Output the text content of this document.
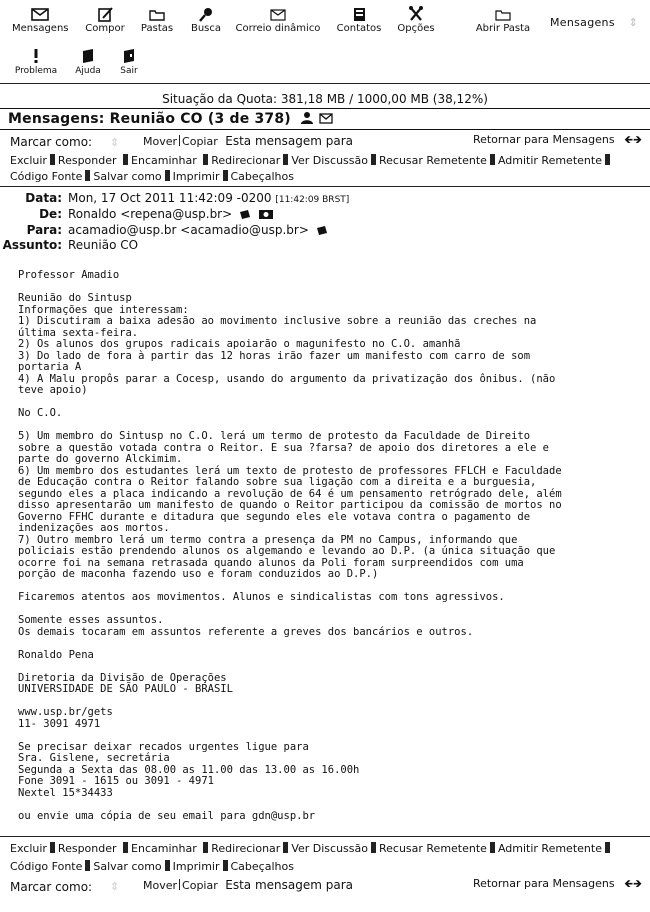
Mensagens	Compor	Pastas	Busca	Correio dinâmico	Contatos	Opções	Abrir Pasta	Mensagens ⇕
Problema	Ajuda	Sair
Situação da Quota: 381,18 MB / 1000,00 MB (38,12%)
Mensagens: Reunião CO (3 de 378)

Marcar como: ⇕ Mover Copiar Esta mensagem para	Retornar para Mensagens 🡸🡺
Excluir Responder Encaminhar Redirecionar Ver Discussão Recusar Remetente Admitir Remetente
Código Fonte Salvar como Imprimir Cabeçalhos
Data: Mon, 17 Oct 2011 11:42:09 -0200 [11:42:09 BRST]
De: Ronaldo <repena@usp.br>

Para: acamadio@usp.br <acamadio@usp.br>
Assunto: Reunião CO
Professor Amadio

Reunião do Sintusp
Informações que interessam:
1) Discutiram a baixa adesão ao movimento inclusive sobre a reunião das creches na
última sexta-feira.
2) Os alunos dos grupos radicais apoiarão o magunifesto no C.O. amanhã
3) Do lado de fora à partir das 12 horas irão fazer um manifesto com carro de som
portaria A
4) A Malu propôs parar a Cocesp, usando do argumento da privatização dos ônibus. (não
teve apoio)

No C.O.

5) Um membro do Sintusp no C.O. lerá um termo de protesto da Faculdade de Direito
sobre a questão votada contra o Reitor. E sua ?farsa? de apoio dos diretores a ele e
parte do governo Alckimim.
6) Um membro dos estudantes lerá um texto de protesto de professores FFLCH e Faculdade
de Educação contra o Reitor falando sobre sua ligação com a direita e a burguesia,
segundo eles a placa indicando a revolução de 64 é um pensamento retrógrado dele, além
disso apresentarão um manifesto de quando o Reitor participou da comissão de mortos no
Governo FFHC durante e ditadura que segundo eles ele votava contra o pagamento de
indenizações aos mortos.
7) Outro membro lerá um termo contra a presença da PM no Campus, informando que
policiais estão prendendo alunos os algemando e levando ao D.P. (a única situação que
ocorre foi na semana retrasada quando alunos da Poli foram surpreendidos com uma
porção de maconha fazendo uso e foram conduzidos ao D.P.)

Ficaremos atentos aos movimentos. Alunos e sindicalistas com tons agressivos.

Somente esses assuntos.
Os demais tocaram em assuntos referente a greves dos bancários e outros.

Ronaldo Pena

Diretoria da Divisão de Operações
UNIVERSIDADE DE SÃO PAULO - BRASIL

www.usp.br/gets
11- 3091 4971

Se precisar deixar recados urgentes ligue para
Sra. Gislene, secretária
Segunda a Sexta das 08.00 as 11.00 das 13.00 as 16.00h
Fone 3091 - 1615 ou 3091 - 4971
Nextel 15*34433

ou envie uma cópia de seu email para gdn@usp.br
Excluir Responder Encaminhar Redirecionar Ver Discussão Recusar Remetente Admitir Remetente
Código Fonte Salvar como Imprimir Cabeçalhos
Marcar como: ⇕ Mover Copiar Esta mensagem para	Retornar para Mensagens 🡸🡺
